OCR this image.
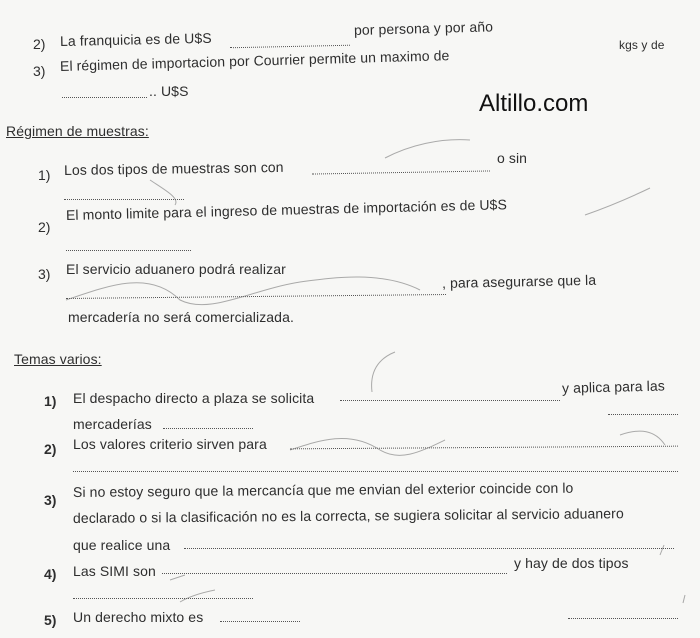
Altillo.com
2) La franquicia es de U$S
por persona y por año
3) El régimen de importacion por Courrier permite un maximo de
kgs y de
.. U$S
Régimen de muestras:
1) Los dos tipos de muestras son con
o sin
2)
El monto limite para el ingreso de muestras de importación es de U$S
3) El servicio aduanero podrá realizar
, para asegurarse que la
mercadería no será comercializada.
Temas varios:
1) El despacho directo a plaza se solicita
y aplica para las
mercaderías
2) Los valores criterio sirven para
3)
Si no estoy seguro que la mercancía que me envian del exterior coincide con lo
declarado o si la clasificación no es la correcta, se sugiera solicitar al servicio aduanero
que realice una
4) Las SIMI son	y hay de dos tipos
5) Un derecho mixto es
